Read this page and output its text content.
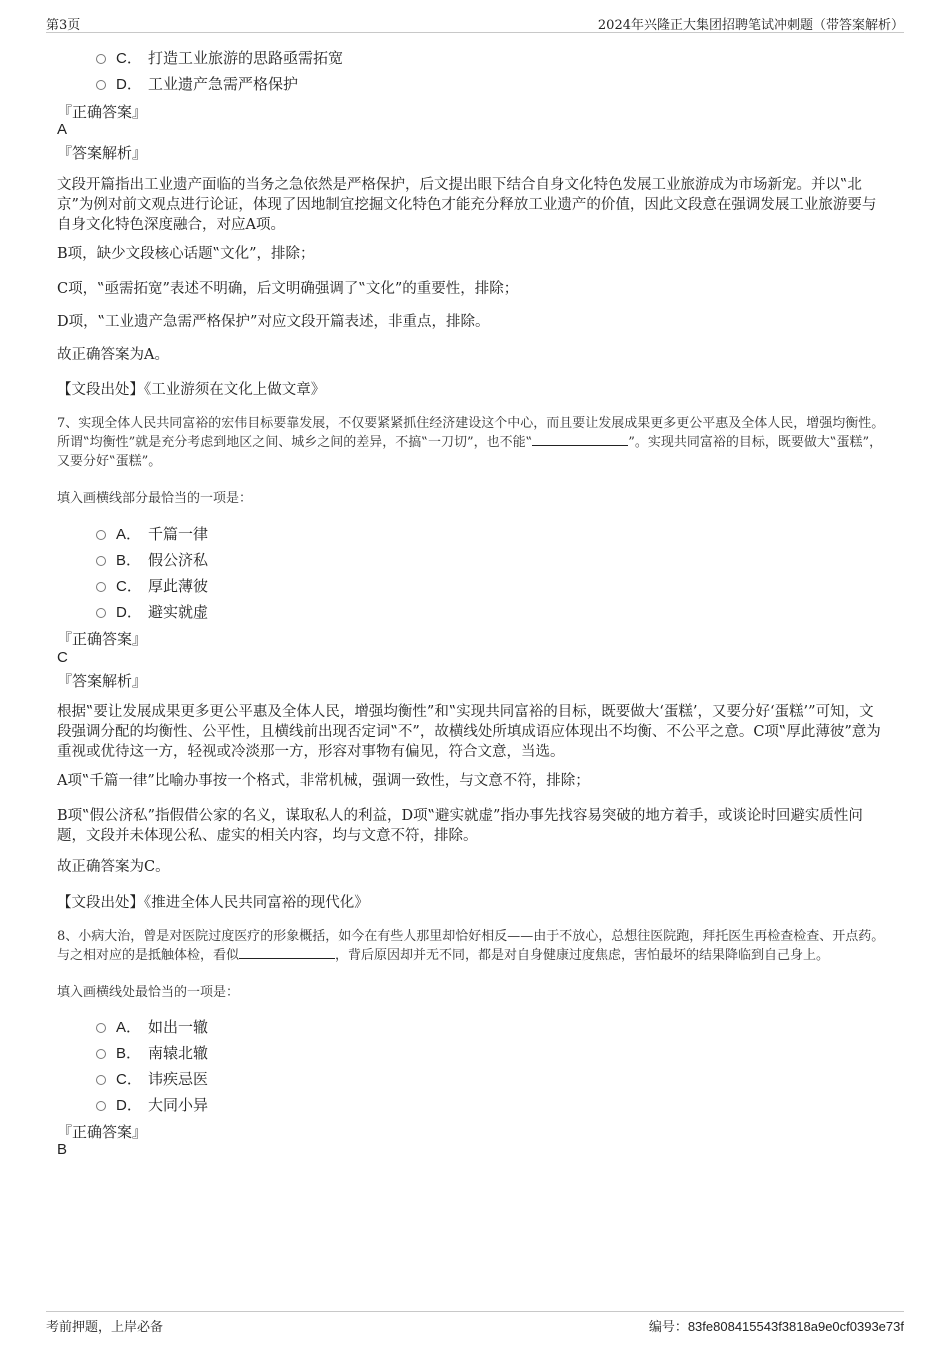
第3页	2024年兴隆正大集团招聘笔试冲刺题（带答案解析）
C． 打造工业旅游的思路亟需拓宽
D． 工业遗产急需严格保护
『正确答案』
A
『答案解析』
文段开篇指出工业遗产面临的当务之急依然是严格保护，后文提出眼下结合自身文化特色发展工业旅游成为市场新宠。并以‟北京”为例对前文观点进行论证，体现了因地制宜挖掘文化特色才能充分释放工业遗产的价值，因此文段意在强调发展工业旅游要与自身文化特色深度融合，对应A项。
B项，缺少文段核心话题‟文化”，排除；
C项，‟亟需拓宽”表述不明确，后文明确强调了‟文化”的重要性，排除；
D项，‟工业遗产急需严格保护”对应文段开篇表述，非重点，排除。
故正确答案为A。
【文段出处】《工业游须在文化上做文章》
7、实现全体人民共同富裕的宏伟目标要靠发展，不仅要紧紧抓住经济建设这个中心，而且要让发展成果更多更公平惠及全体人民，增强均衡性。所谓‟均衡性”就是充分考虑到地区之间、城乡之间的差异，不搞‟一刀切”，也不能‟	”。实现共同富裕的目标，既要做大‟蛋糕”，又要分好‟蛋糕”。
填入画横线部分最恰当的一项是：
A． 千篇一律
B． 假公济私
C． 厚此薄彼
D． 避实就虚
『正确答案』
C
『答案解析』
根据‟要让发展成果更多更公平惠及全体人民，增强均衡性”和‟实现共同富裕的目标，既要做大‘蛋糕’，又要分好‘蛋糕’”可知，文段强调分配的均衡性、公平性，且横线前出现否定词‟不”，故横线处所填成语应体现出不均衡、不公平之意。C项‟厚此薄彼”意为重视或优待这一方，轻视或冷淡那一方，形容对事物有偏见，符合文意，当选。
A项‟千篇一律”比喻办事按一个格式，非常机械，强调一致性，与文意不符，排除；
B项‟假公济私”指假借公家的名义，谋取私人的利益，D项‟避实就虚”指办事先找容易突破的地方着手，或谈论时回避实质性问题，文段并未体现公私、虚实的相关内容，均与文意不符，排除。
故正确答案为C。
【文段出处】《推进全体人民共同富裕的现代化》
8、小病大治，曾是对医院过度医疗的形象概括，如今在有些人那里却恰好相反——由于不放心，总想往医院跑，拜托医生再检查检查、开点药。与之相对应的是抵触体检，看似	，背后原因却并无不同，都是对自身健康过度焦虑，害怕最坏的结果降临到自己身上。
填入画横线处最恰当的一项是：
A． 如出一辙
B． 南辕北辙
C． 讳疾忌医
D． 大同小异
『正确答案』
B
考前押题，上岸必备	编号：83fe808415543f3818a9e0cf0393e73f
